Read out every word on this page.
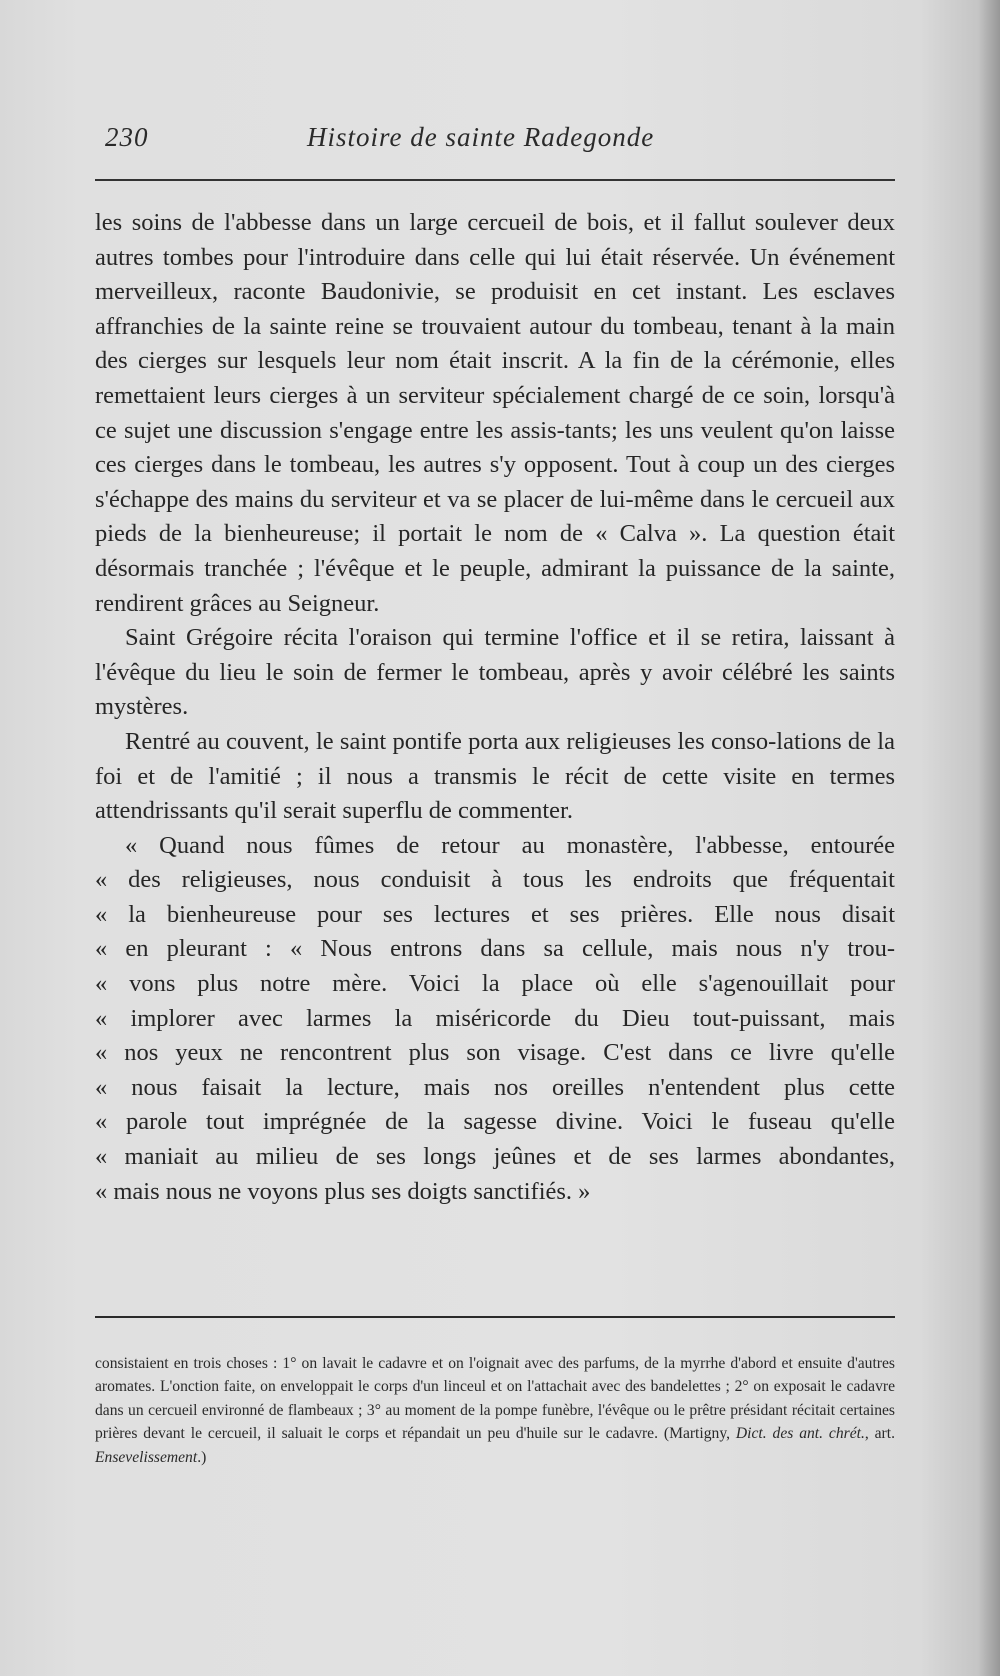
230	Histoire de sainte Radegonde

les soins de l'abbesse dans un large cercueil de bois, et il fallut soulever deux autres tombes pour l'introduire dans celle qui lui était réservée. Un événement merveilleux, raconte Baudonivie, se produisit en cet instant. Les esclaves affranchies de la sainte reine se trouvaient autour du tombeau, tenant à la main des cierges sur lesquels leur nom était inscrit. A la fin de la cérémonie, elles remettaient leurs cierges à un serviteur spécialement chargé de ce soin, lorsqu'à ce sujet une discussion s'engage entre les assis-tants; les uns veulent qu'on laisse ces cierges dans le tombeau, les autres s'y opposent. Tout à coup un des cierges s'échappe des mains du serviteur et va se placer de lui-même dans le cercueil aux pieds de la bienheureuse; il portait le nom de « Calva ». La question était désormais tranchée ; l'évêque et le peuple, admirant la puissance de la sainte, rendirent grâces au Seigneur.

Saint Grégoire récita l'oraison qui termine l'office et il se retira, laissant à l'évêque du lieu le soin de fermer le tombeau, après y avoir célébré les saints mystères.

Rentré au couvent, le saint pontife porta aux religieuses les conso-lations de la foi et de l'amitié ; il nous a transmis le récit de cette visite en termes attendrissants qu'il serait superflu de commenter.

« Quand nous fûmes de retour au monastère, l'abbesse, entourée
« des religieuses, nous conduisit à tous les endroits que fréquentait
« la bienheureuse pour ses lectures et ses prières. Elle nous disait
« en pleurant : « Nous entrons dans sa cellule, mais nous n'y trou-
« vons plus notre mère. Voici la place où elle s'agenouillait pour
« implorer avec larmes la miséricorde du Dieu tout-puissant, mais
« nos yeux ne rencontrent plus son visage. C'est dans ce livre qu'elle
« nous faisait la lecture, mais nos oreilles n'entendent plus cette
« parole tout imprégnée de la sagesse divine. Voici le fuseau qu'elle
« maniait au milieu de ses longs jeûnes et de ses larmes abondantes,
« mais nous ne voyons plus ses doigts sanctifiés. »
consistaient en trois choses : 1° on lavait le cadavre et on l'oignait avec des parfums, de la myrrhe d'abord et ensuite d'autres aromates. L'onction faite, on enveloppait le corps d'un linceul et on l'attachait avec des bandelettes ; 2° on exposait le cadavre dans un cercueil environné de flambeaux ; 3° au moment de la pompe funèbre, l'évêque ou le prêtre présidant récitait certaines prières devant le cercueil, il saluait le corps et répandait un peu d'huile sur le cadavre. (Martigny, Dict. des ant. chrét., art. Ensevelissement.)
